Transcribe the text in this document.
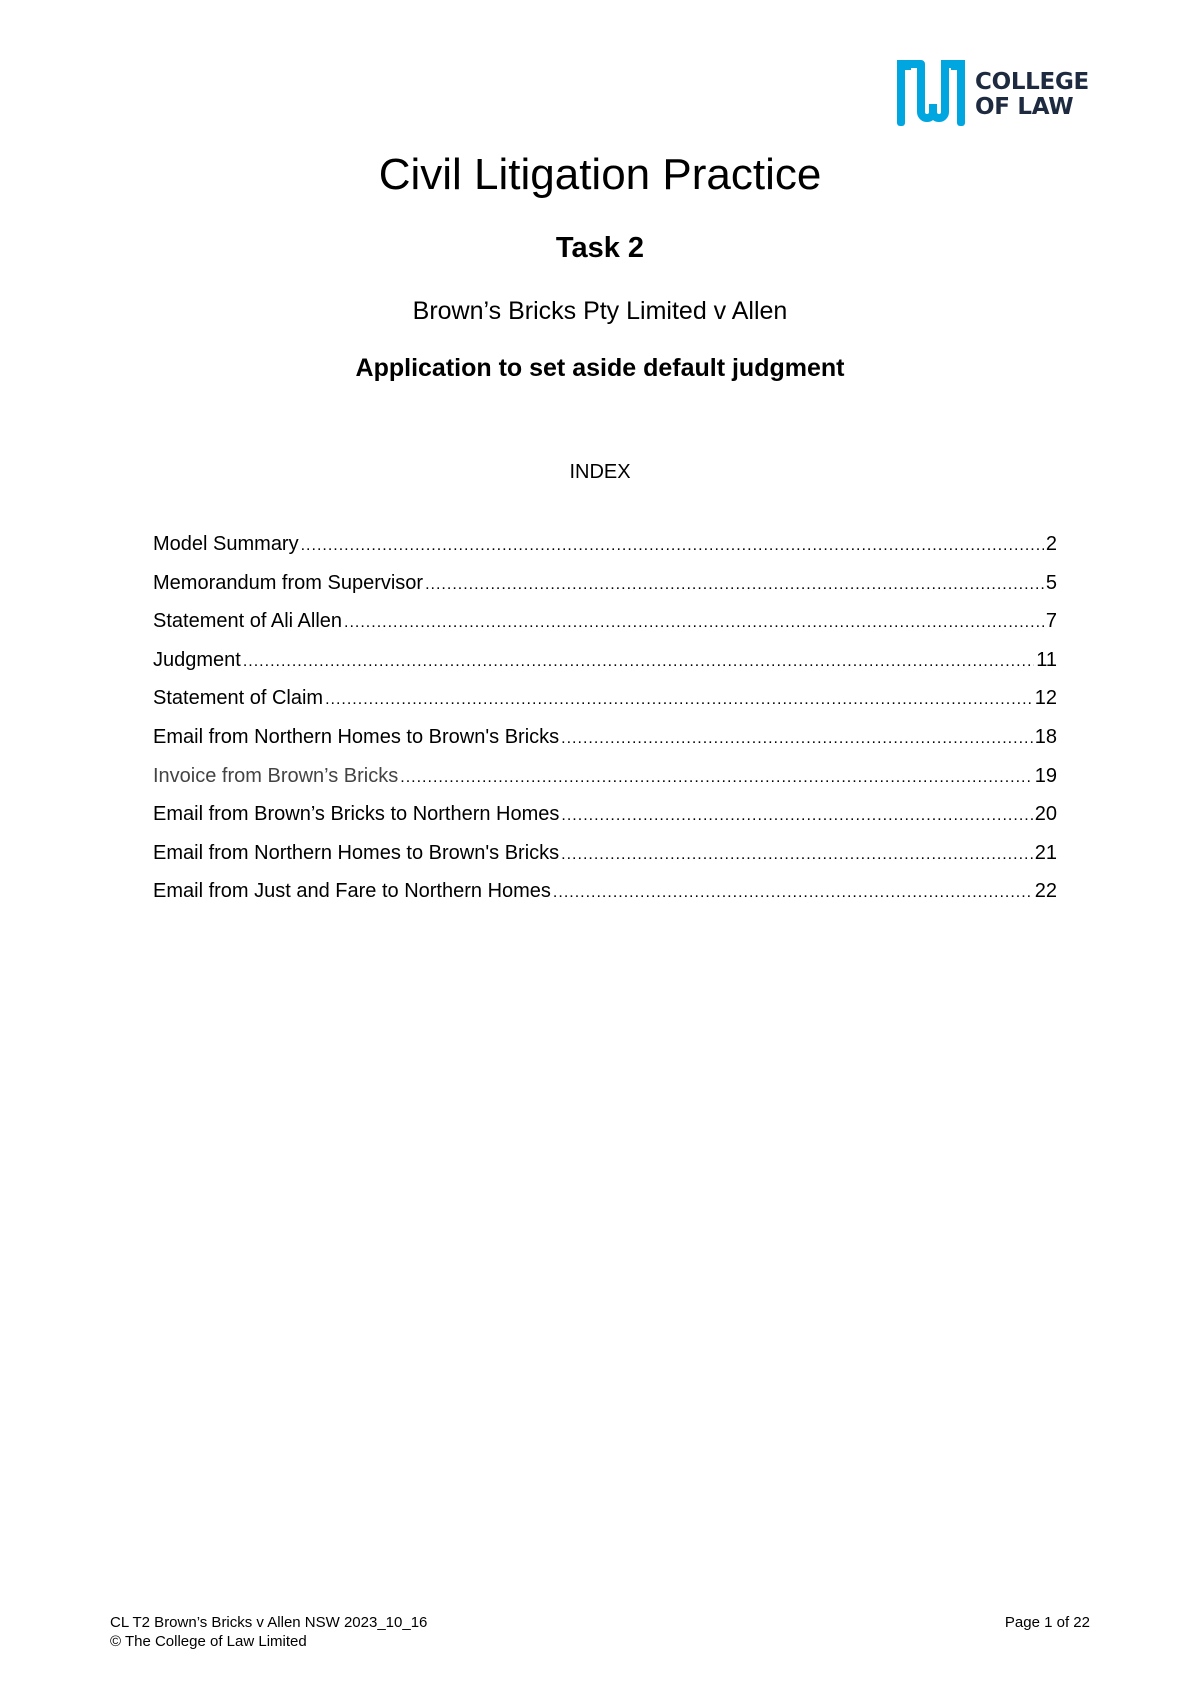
COLLEGE
OF LAW
Civil Litigation Practice
Task 2

Brown’s Bricks Pty Limited v Allen

Application to set aside default judgment

INDEX

Model Summary .....	2
Memorandum from Supervisor .....	5
Statement of Ali Allen .....	7
Judgment .....	11
Statement of Claim .....	12
Email from Northern Homes to Brown's Bricks .....	18
Invoice from Brown’s Bricks .....	19
Email from Brown’s Bricks to Northern Homes .....	20
Email from Northern Homes to Brown's Bricks .....	21
Email from Just and Fare to Northern Homes .....	22
CL T2 Brown’s Bricks v Allen NSW 2023_10_16
© The College of Law Limited
Page 1 of 22
